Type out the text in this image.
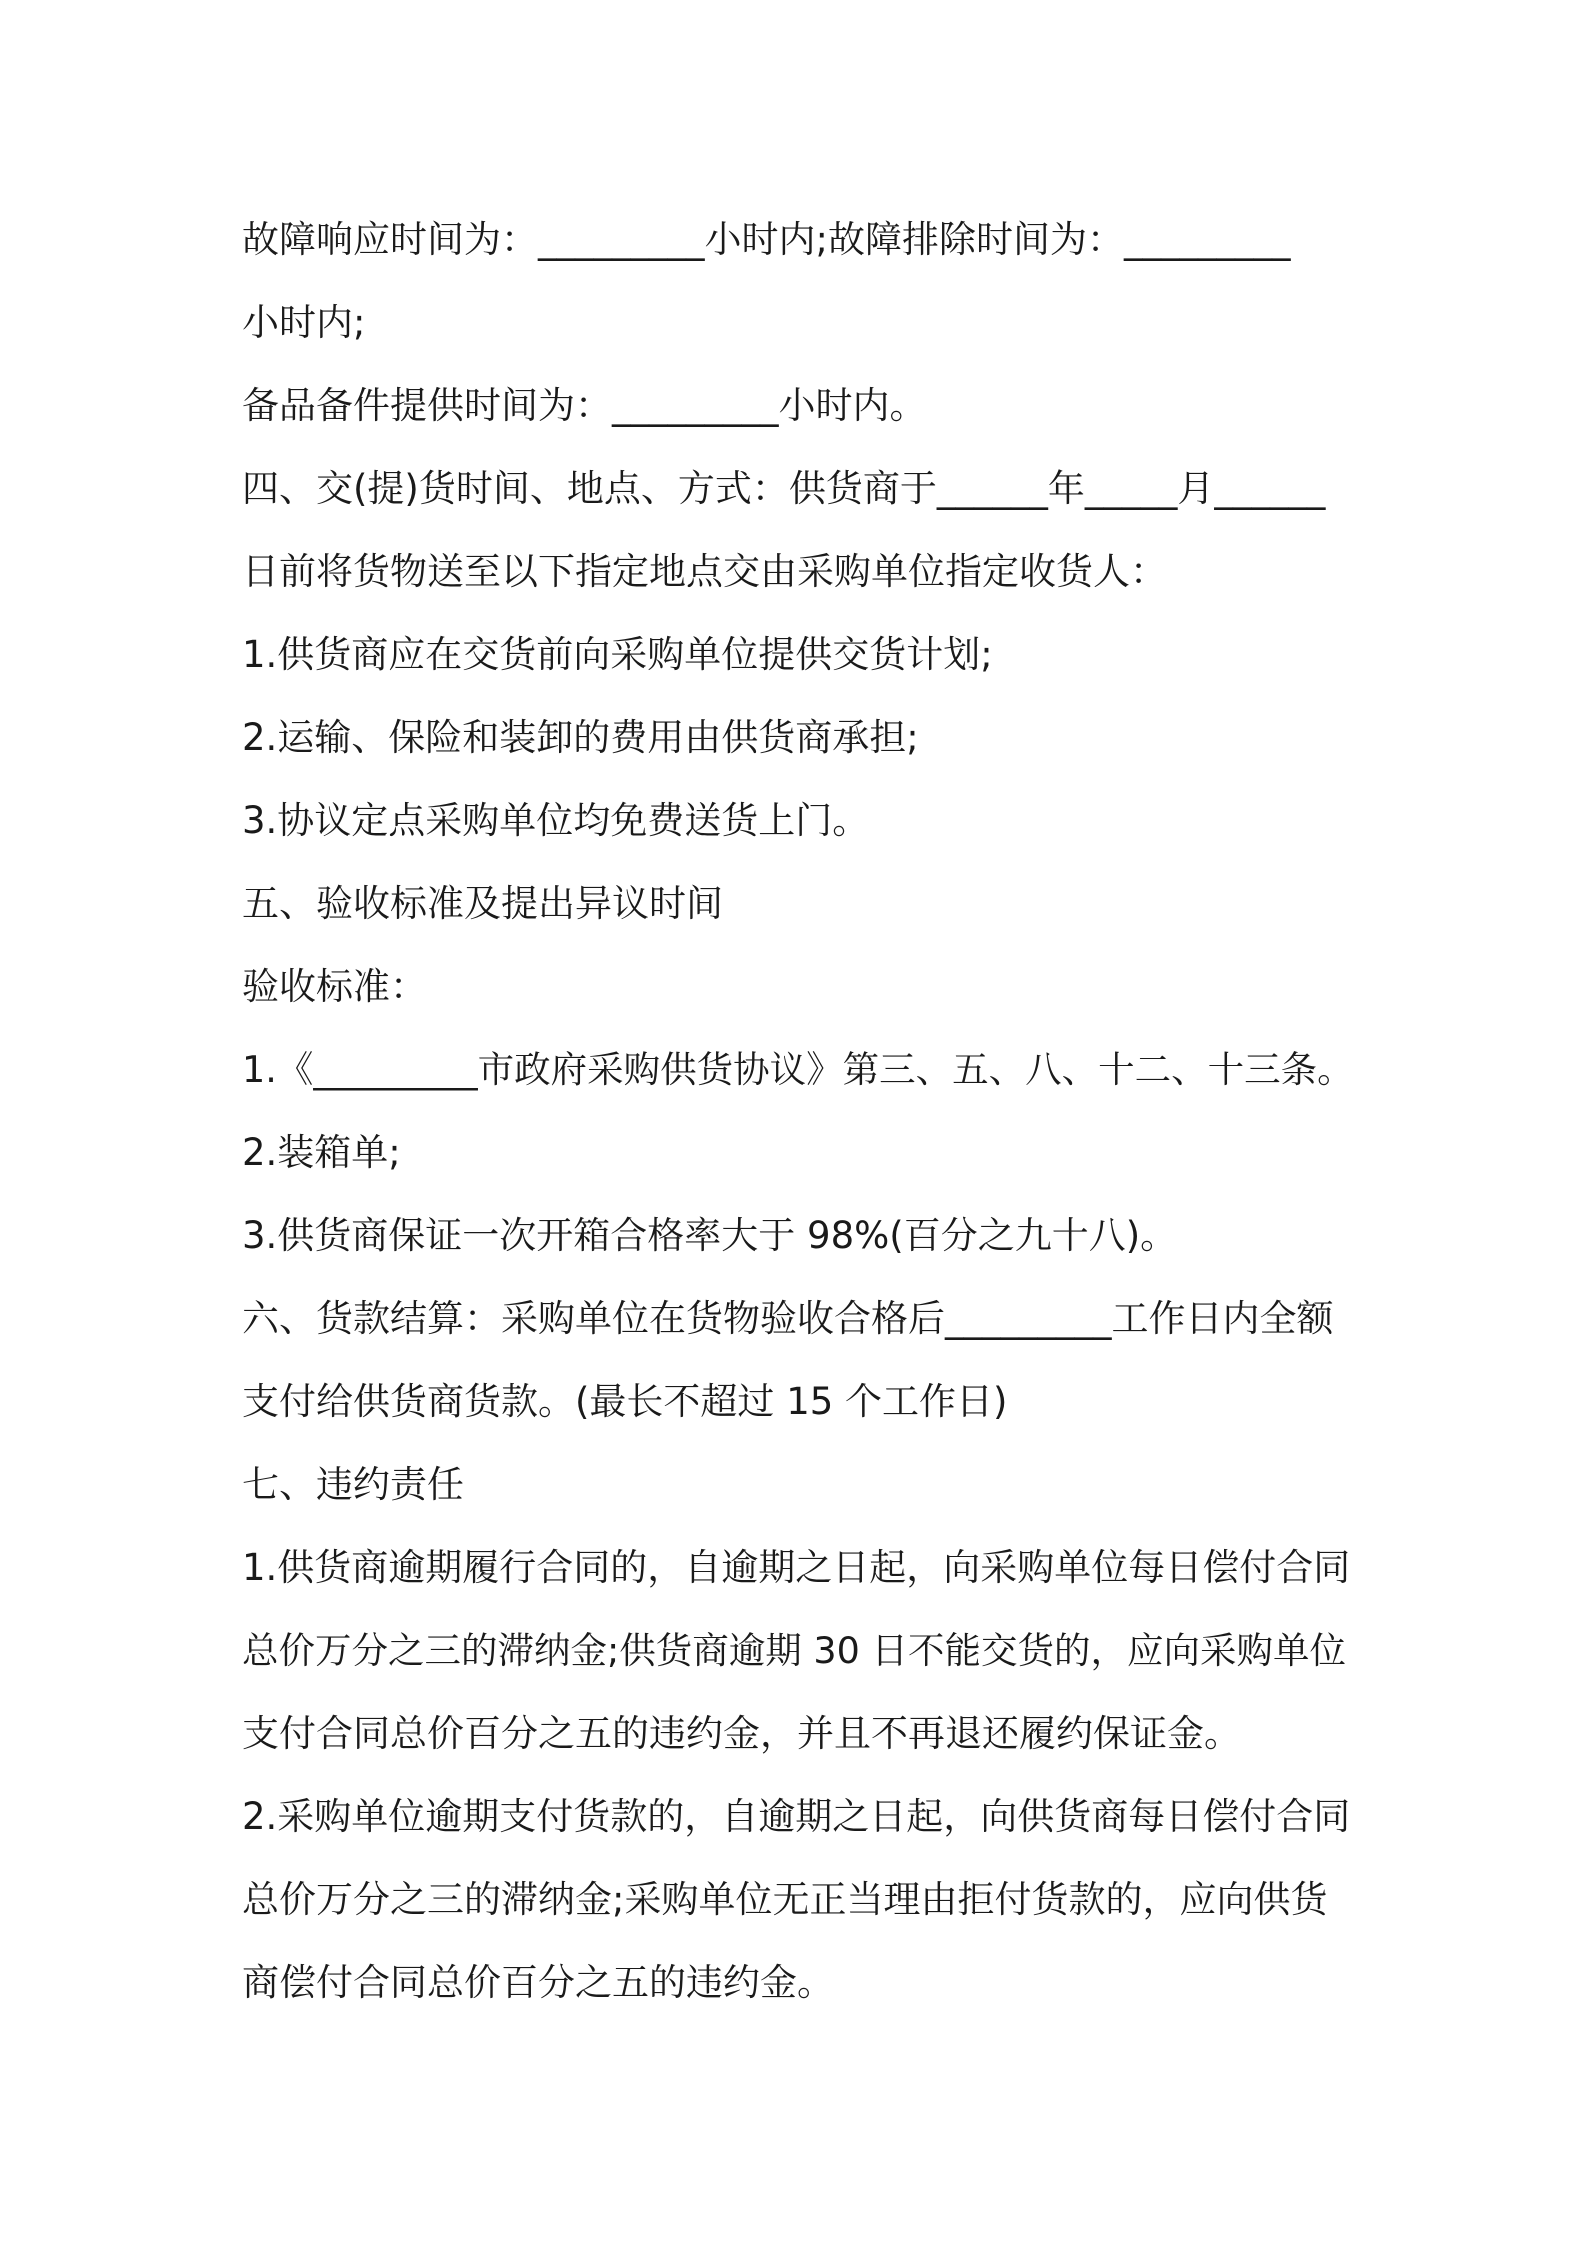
故障响应时间为：_________小时内;故障排除时间为：_________
小时内;
备品备件提供时间为：_________小时内。
四、交(提)货时间、地点、方式：供货商于______年_____月______
日前将货物送至以下指定地点交由采购单位指定收货人：
1.供货商应在交货前向采购单位提供交货计划;
2.运输、保险和装卸的费用由供货商承担;
3.协议定点采购单位均免费送货上门。
五、验收标准及提出异议时间
验收标准：
1.《_________市政府采购供货协议》第三、五、八、十二、十三条。
2.装箱单;
3.供货商保证一次开箱合格率大于 98%(百分之九十八)。
六、货款结算：采购单位在货物验收合格后_________工作日内全额
支付给供货商货款。(最长不超过 15 个工作日)
七、违约责任
1.供货商逾期履行合同的，自逾期之日起，向采购单位每日偿付合同
总价万分之三的滞纳金;供货商逾期 30 日不能交货的，应向采购单位
支付合同总价百分之五的违约金，并且不再退还履约保证金。
2.采购单位逾期支付货款的，自逾期之日起，向供货商每日偿付合同
总价万分之三的滞纳金;采购单位无正当理由拒付货款的，应向供货
商偿付合同总价百分之五的违约金。
